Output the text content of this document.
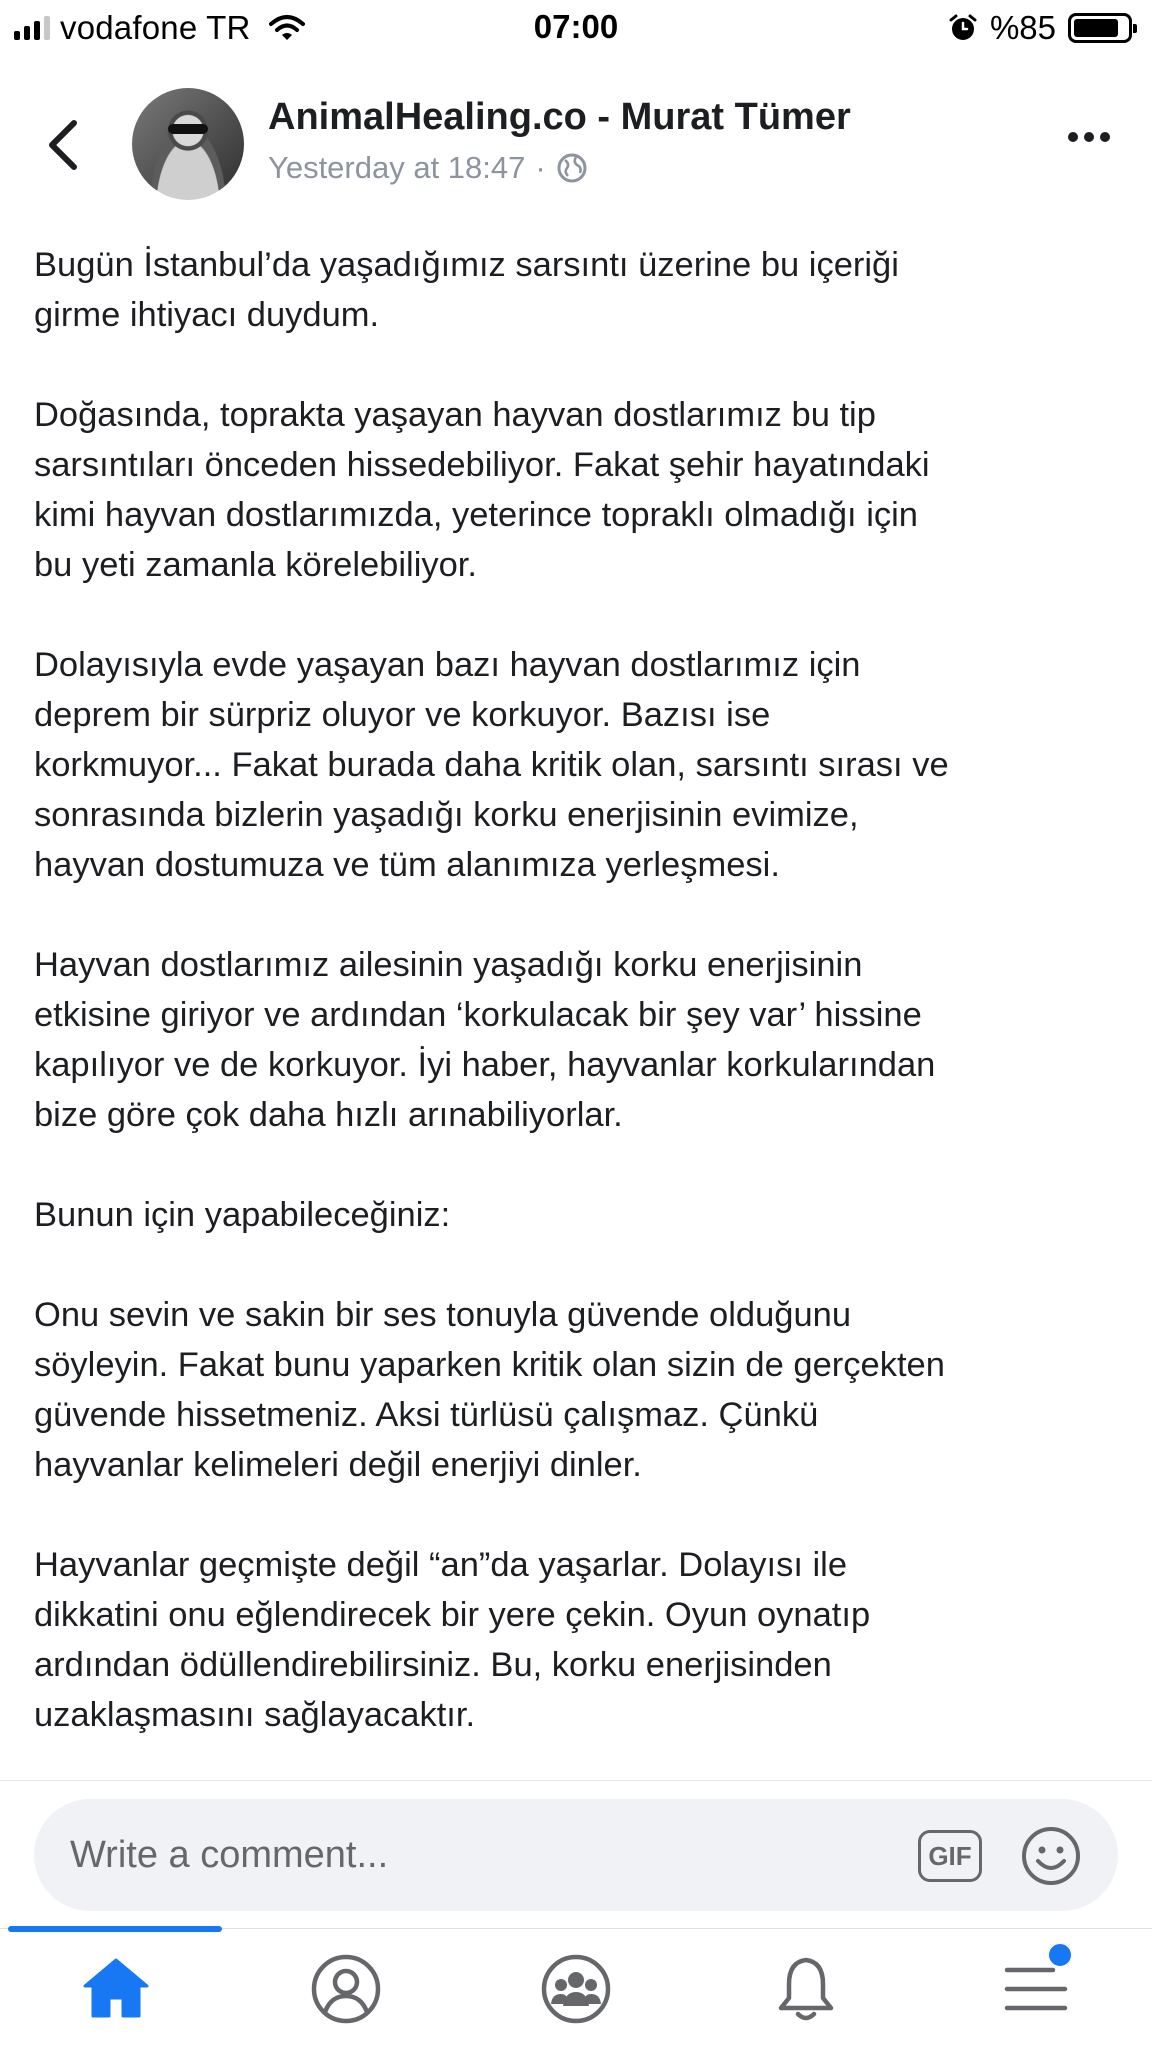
vodafone TR	07:00	%85
AnimalHealing.co - Murat Tümer
Yesterday at 18:47 ·

Bugün İstanbul’da yaşadığımız sarsıntı üzerine bu içeriği
girme ihtiyacı duydum.

Doğasında, toprakta yaşayan hayvan dostlarımız bu tip
sarsıntıları önceden hissedebiliyor. Fakat şehir hayatındaki
kimi hayvan dostlarımızda, yeterince topraklı olmadığı için
bu yeti zamanla körelebiliyor.

Dolayısıyla evde yaşayan bazı hayvan dostlarımız için
deprem bir sürpriz oluyor ve korkuyor. Bazısı ise
korkmuyor... Fakat burada daha kritik olan, sarsıntı sırası ve
sonrasında bizlerin yaşadığı korku enerjisinin evimize,
hayvan dostumuza ve tüm alanımıza yerleşmesi.

Hayvan dostlarımız ailesinin yaşadığı korku enerjisinin
etkisine giriyor ve ardından ‘korkulacak bir şey var’ hissine
kapılıyor ve de korkuyor. İyi haber, hayvanlar korkularından
bize göre çok daha hızlı arınabiliyorlar.

Bunun için yapabileceğiniz:

Onu sevin ve sakin bir ses tonuyla güvende olduğunu
söyleyin. Fakat bunu yaparken kritik olan sizin de gerçekten
güvende hissetmeniz. Aksi türlüsü çalışmaz. Çünkü
hayvanlar kelimeleri değil enerjiyi dinler.

Hayvanlar geçmişte değil “an”da yaşarlar. Dolayısı ile
dikkatini onu eğlendirecek bir yere çekin. Oyun oynatıp
ardından ödüllendirebilirsiniz. Bu, korku enerjisinden
uzaklaşmasını sağlayacaktır.

Write a comment...
GIF
